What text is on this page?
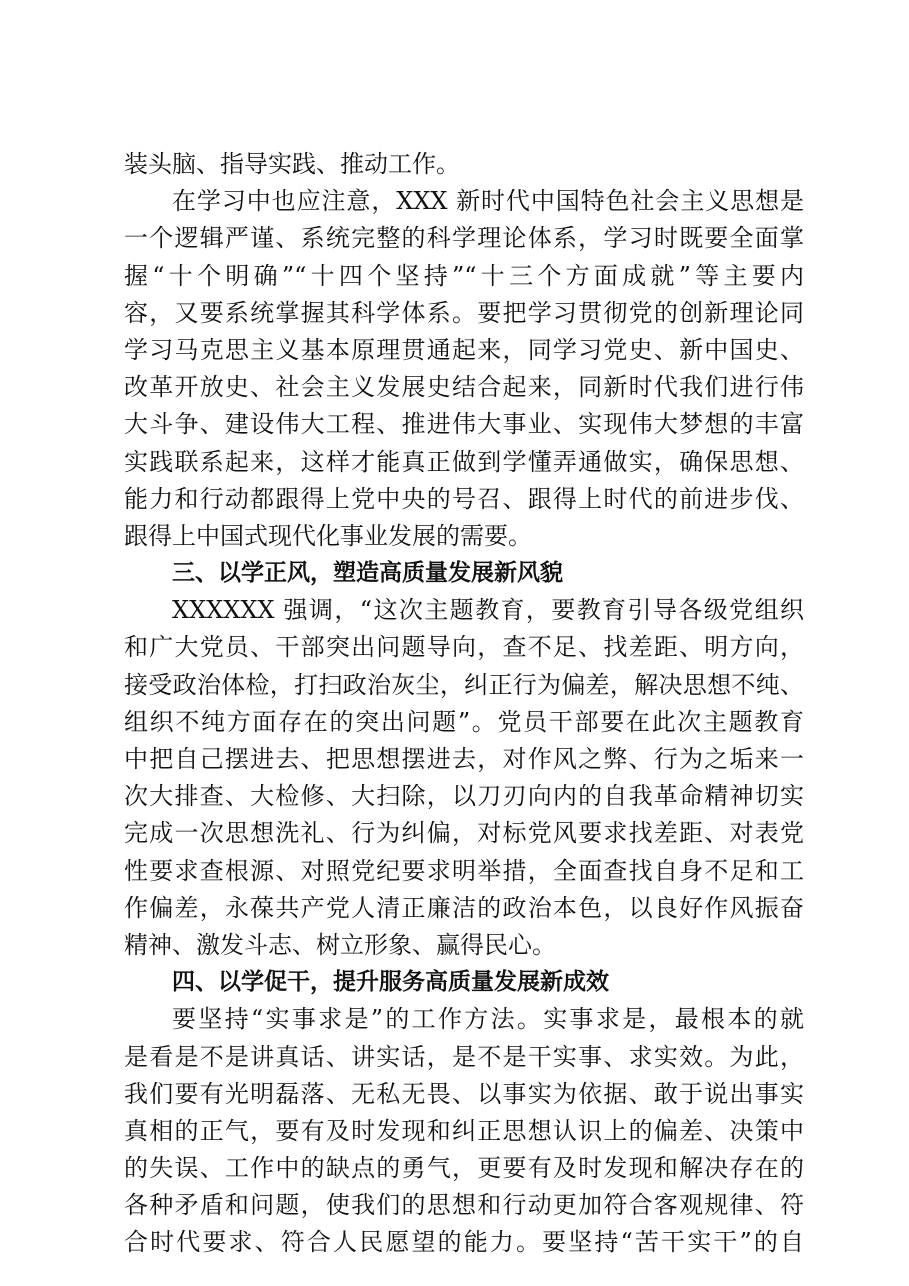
装头脑、指导实践、推动工作。
在学习中也应注意，XXX 新时代中国特色社会主义思想是
一个逻辑严谨、系统完整的科学理论体系，学习时既要全面掌
握“十个明确”“十四个坚持”“十三个方面成就”等主要内
容，又要系统掌握其科学体系。要把学习贯彻党的创新理论同
学习马克思主义基本原理贯通起来，同学习党史、新中国史、
改革开放史、社会主义发展史结合起来，同新时代我们进行伟
大斗争、建设伟大工程、推进伟大事业、实现伟大梦想的丰富
实践联系起来，这样才能真正做到学懂弄通做实，确保思想、
能力和行动都跟得上党中央的号召、跟得上时代的前进步伐、
跟得上中国式现代化事业发展的需要。
三、以学正风，塑造高质量发展新风貌
XXXXXX 强调，“这次主题教育，要教育引导各级党组织
和广大党员、干部突出问题导向，查不足、找差距、明方向，
接受政治体检，打扫政治灰尘，纠正行为偏差，解决思想不纯、
组织不纯方面存在的突出问题”。党员干部要在此次主题教育
中把自己摆进去、把思想摆进去，对作风之弊、行为之垢来一
次大排查、大检修、大扫除，以刀刃向内的自我革命精神切实
完成一次思想洗礼、行为纠偏，对标党风要求找差距、对表党
性要求查根源、对照党纪要求明举措，全面查找自身不足和工
作偏差，永葆共产党人清正廉洁的政治本色，以良好作风振奋
精神、激发斗志、树立形象、赢得民心。
四、以学促干，提升服务高质量发展新成效
要坚持“实事求是”的工作方法。实事求是，最根本的就
是看是不是讲真话、讲实话，是不是干实事、求实效。为此，
我们要有光明磊落、无私无畏、以事实为依据、敢于说出事实
真相的正气，要有及时发现和纠正思想认识上的偏差、决策中
的失误、工作中的缺点的勇气，更要有及时发现和解决存在的
各种矛盾和问题，使我们的思想和行动更加符合客观规律、符
合时代要求、符合人民愿望的能力。要坚持“苦干实干”的自
